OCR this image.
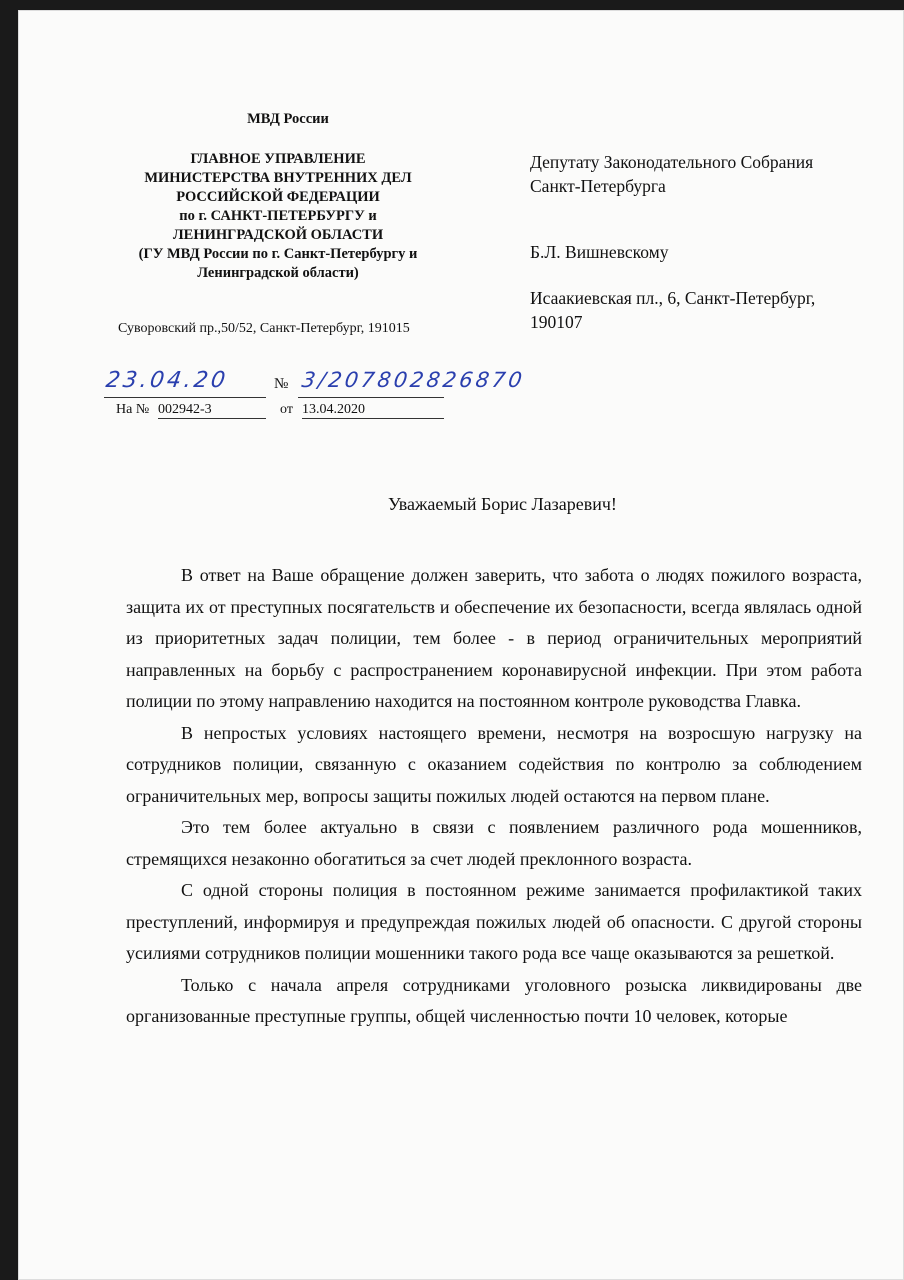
МВД России
ГЛАВНОЕ УПРАВЛЕНИЕ
МИНИСТЕРСТВА ВНУТРЕННИХ ДЕЛ
РОССИЙСКОЙ ФЕДЕРАЦИИ
по г. САНКТ-ПЕТЕРБУРГУ и
ЛЕНИНГРАДСКОЙ ОБЛАСТИ
(ГУ МВД России по г. Санкт-Петербургу и
Ленинградской области)
Суворовский пр.,50/52, Санкт-Петербург, 191015
Депутату Законодательного Собрания Санкт-Петербурга
Б.Л. Вишневскому
Исаакиевская пл., 6, Санкт-Петербург, 190107
23.04.20	№ 3/207802826870
На № 002942-3	от 13.04.2020
Уважаемый Борис Лазаревич!

В ответ на Ваше обращение должен заверить, что забота о людях пожилого возраста, защита их от преступных посягательств и обеспечение их безопасности, всегда являлась одной из приоритетных задач полиции, тем более - в период ограничительных мероприятий направленных на борьбу с распространением коронавирусной инфекции. При этом работа полиции по этому направлению находится на постоянном контроле руководства Главка.

В непростых условиях настоящего времени, несмотря на возросшую нагрузку на сотрудников полиции, связанную с оказанием содействия по контролю за соблюдением ограничительных мер, вопросы защиты пожилых людей остаются на первом плане.

Это тем более актуально в связи с появлением различного рода мошенников, стремящихся незаконно обогатиться за счет людей преклонного возраста.

С одной стороны полиция в постоянном режиме занимается профилактикой таких преступлений, информируя и предупреждая пожилых людей об опасности. С другой стороны усилиями сотрудников полиции мошенники такого рода все чаще оказываются за решеткой.

Только с начала апреля сотрудниками уголовного розыска ликвидированы две организованные преступные группы, общей численностью почти 10 человек, которые
